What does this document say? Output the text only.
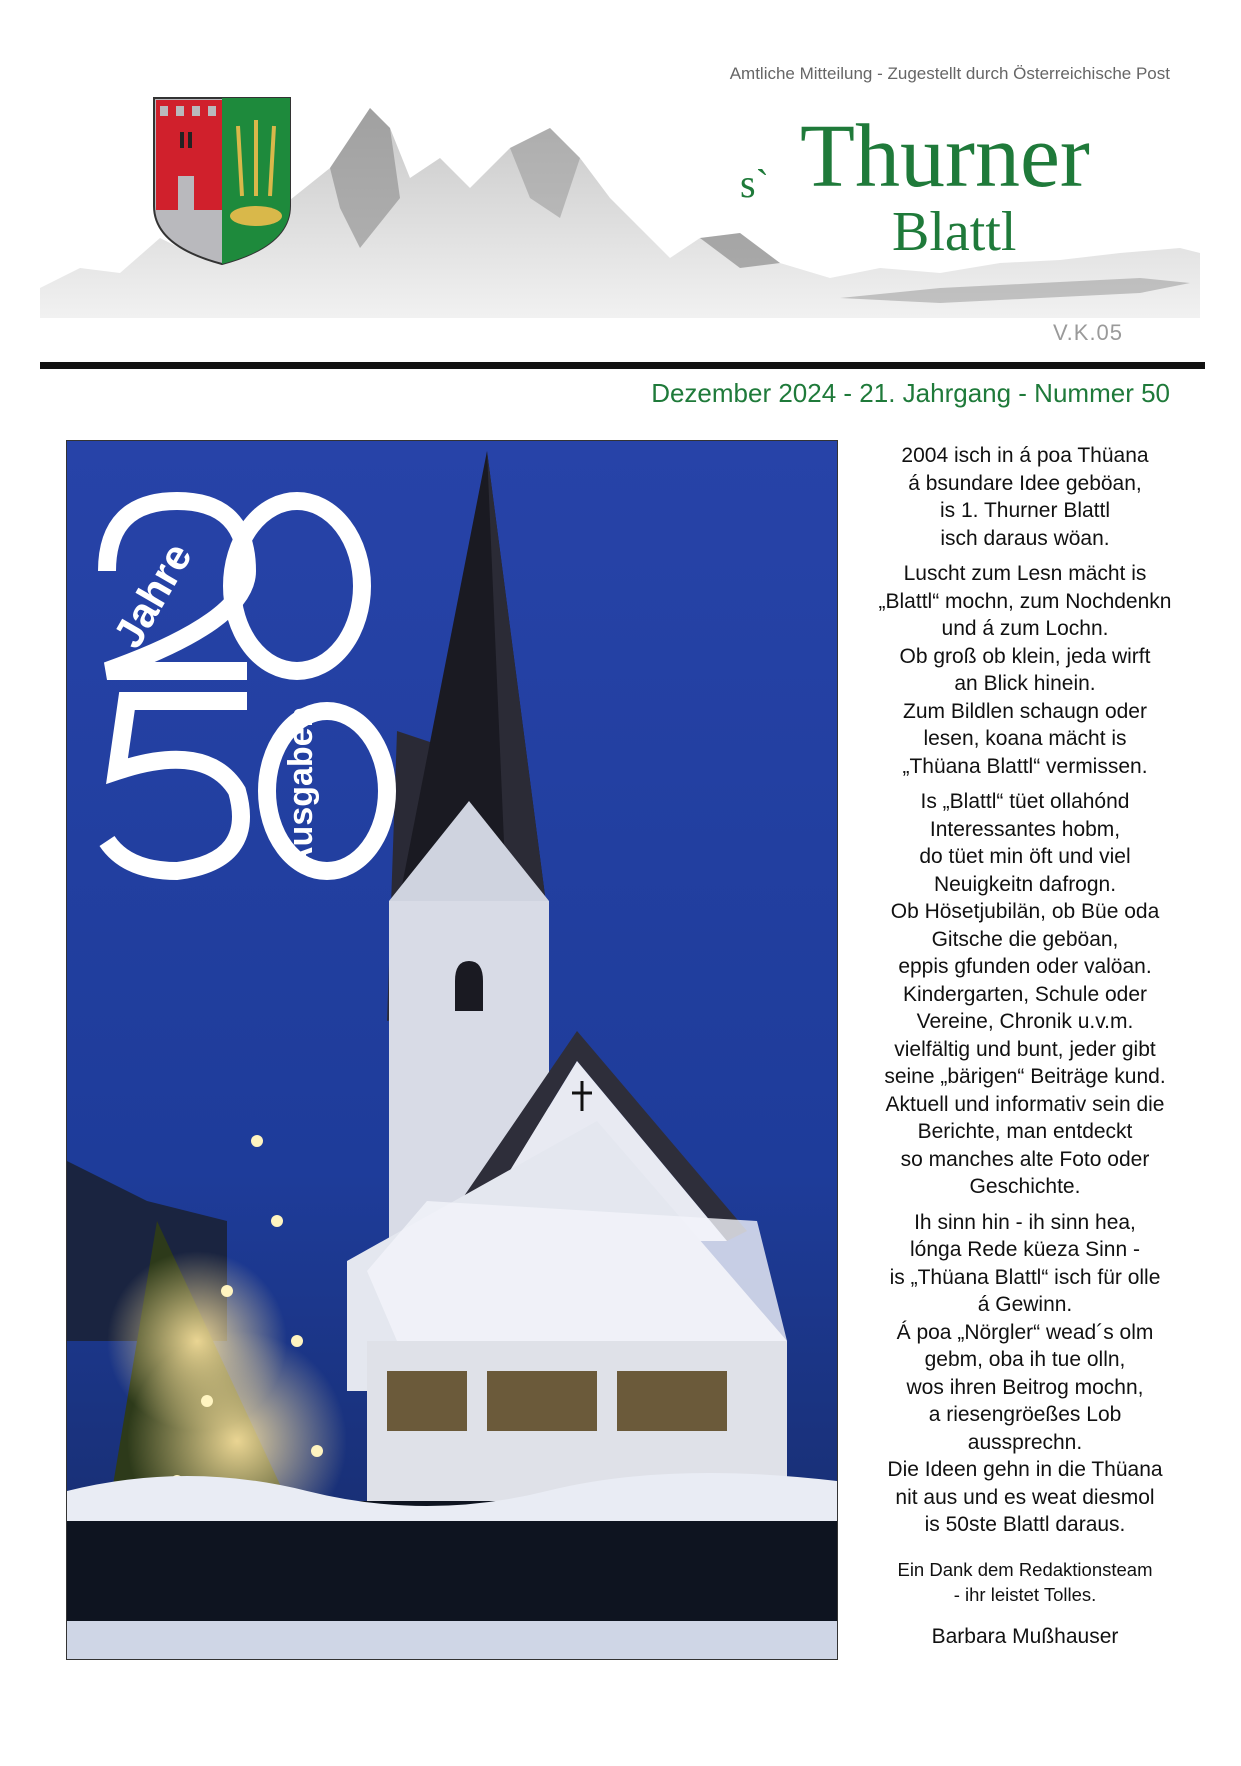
Amtliche Mitteilung - Zugestellt durch Österreichische Post
s` Thurner
Blattl
V.K.05
Dezember 2024 - 21. Jahrgang - Nummer 50
Jahre
Ausgaben
20
50
2004 isch in á poa Thüana
á bsundare Idee geböan,
is 1. Thurner Blattl
isch daraus wöan.
Luscht zum Lesn mächt is
„Blattl“ mochn, zum Nochdenkn
und á zum Lochn.
Ob groß ob klein, jeda wirft
an Blick hinein.
Zum Bildlen schaugn oder
lesen, koana mächt is
„Thüana Blattl“ vermissen.
Is „Blattl“ tüet ollahónd
Interessantes hobm,
do tüet min öft und viel
Neuigkeitn dafrogn.
Ob Hösetjubilän, ob Büe oda
Gitsche die geböan,
eppis gfunden oder valöan.
Kindergarten, Schule oder
Vereine, Chronik u.v.m.
vielfältig und bunt, jeder gibt
seine „bärigen“ Beiträge kund.
Aktuell und informativ sein die
Berichte, man entdeckt
so manches alte Foto oder
Geschichte.
Ih sinn hin - ih sinn hea,
lónga Rede küeza Sinn -
is „Thüana Blattl“ isch für olle
á Gewinn.
Á poa „Nörgler“ wead´s olm
gebm, oba ih tue olln,
wos ihren Beitrog mochn,
a riesengröeßes Lob
aussprechn.
Die Ideen gehn in die Thüana
nit aus und es weat diesmol
is 50ste Blattl daraus.
Ein Dank dem Redaktionsteam
- ihr leistet Tolles.
Barbara Mußhauser
